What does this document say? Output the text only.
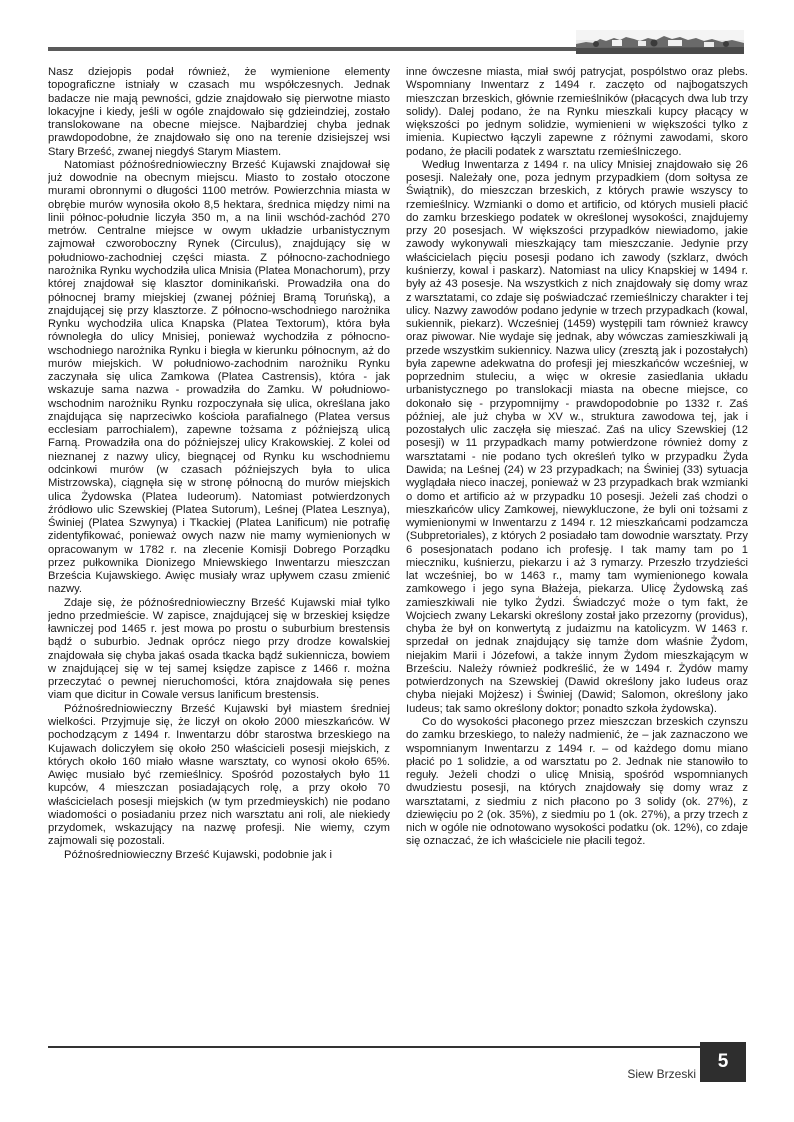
Nasz dziejopis podał również, że wymienione elementy topograficzne istniały w czasach mu współczesnych. Jednak badacze nie mają pewności, gdzie znajdowało się pierwotne miasto lokacyjne i kiedy, jeśli w ogóle znajdowało się gdzieindziej, zostało translokowane na obecne miejsce. Najbardziej chyba jednak prawdopodobne, że znajdowało się ono na terenie dzisiejszej wsi Stary Brześć, zwanej niegdyś Starym Miastem.

Natomiast późnośredniowieczny Brześć Kujawski znajdował się już dowodnie na obecnym miejscu. Miasto to zostało otoczone murami obronnymi o długości 1100 metrów. Powierzchnia miasta w obrębie murów wynosiła około 8,5 hektara, średnica między nimi na linii północ-południe liczyła 350 m, a na linii wschód-zachód 270 metrów. Centralne miejsce w owym układzie urbanistycznym zajmował czworoboczny Rynek (Circulus), znajdujący się w południowo-zachodniej części miasta. Z północno-zachodniego narożnika Rynku wychodziła ulica Mnisia (Platea Monachorum), przy której znajdował się klasztor dominikański. Prowadziła ona do północnej bramy miejskiej (zwanej później Bramą Toruńską), a znajdującej się przy klasztorze. Z północno-wschodniego narożnika Rynku wychodziła ulica Knapska (Platea Textorum), która była równoległa do ulicy Mnisiej, ponieważ wychodziła z północno-wschodniego narożnika Rynku i biegła w kierunku północnym, aż do murów miejskich. W południowo-zachodnim narożniku Rynku zaczynała się ulica Zamkowa (Platea Castrensis), która - jak wskazuje sama nazwa - prowadziła do Zamku. W południowo-wschodnim narożniku Rynku rozpoczynała się ulica, określana jako znajdująca się naprzeciwko kościoła parafialnego (Platea versus ecclesiam parrochialem), zapewne tożsama z późniejszą ulicą Farną. Prowadziła ona do późniejszej ulicy Krakowskiej. Z kolei od nieznanej z nazwy ulicy, biegnącej od Rynku ku wschodniemu odcinkowi murów (w czasach późniejszych była to ulica Mistrzowska), ciągnęła się w stronę północną do murów miejskich ulica Żydowska (Platea Iudeorum). Natomiast potwierdzonych źródłowo ulic Szewskiej (Platea Sutorum), Leśnej (Platea Lesznya), Świniej (Platea Szwynya) i Tkackiej (Platea Lanificum) nie potrafię zidentyfikować, ponieważ owych nazw nie mamy wymienionych w opracowanym w 1782 r. na zlecenie Komisji Dobrego Porządku przez pułkownika Dionizego Mniewskiego Inwentarzu mieszczan Brześcia Kujawskiego. Awięc musiały wraz upływem czasu zmienić nazwy.

Zdaje się, że późnośredniowieczny Brześć Kujawski miał tylko jedno przedmieście. W zapisce, znajdującej się w brzeskiej księdze ławniczej pod 1465 r. jest mowa po prostu o suburbium brestensis bądź o suburbio. Jednak oprócz niego przy drodze kowalskiej znajdowała się chyba jakaś osada tkacka bądź sukiennicza, bowiem w znajdującej się w tej samej księdze zapisce z 1466 r. można przeczytać o pewnej nieruchomości, która znajdowała się penes viam que dicitur in Cowale versus lanificum brestensis.

Późnośredniowieczny Brześć Kujawski był miastem średniej wielkości. Przyjmuje się, że liczył on około 2000 mieszkańców. W pochodzącym z 1494 r. Inwentarzu dóbr starostwa brzeskiego na Kujawach doliczyłem się około 250 właścicieli posesji miejskich, z których około 160 miało własne warsztaty, co wynosi około 65%. Awięc musiało być rzemieślnicy. Spośród pozostałych było 11 kupców, 4 mieszczan posiadających rolę, a przy około 70 właścicielach posesji miejskich (w tym przedmieyskich) nie podano wiadomości o posiadaniu przez nich warsztatu ani roli, ale niekiedy przydomek, wskazujący na nazwę profesji. Nie wiemy, czym zajmowali się pozostali.

Późnośredniowieczny Brześć Kujawski, podobnie jak i

inne ówczesne miasta, miał swój patrycjat, pospólstwo oraz plebs. Wspomniany Inwentarz z 1494 r. zaczęto od najbogatszych mieszczan brzeskich, głównie rzemieślników (płacących dwa lub trzy solidy). Dalej podano, że na Rynku mieszkali kupcy płacący w większości po jednym solidzie, wymienieni w większości tylko z imienia. Kupiectwo łączyli zapewne z różnymi zawodami, skoro podano, że płacili podatek z warsztatu rzemieślniczego.

Według Inwentarza z 1494 r. na ulicy Mnisiej znajdowało się 26 posesji. Należały one, poza jednym przypadkiem (dom sołtysa ze Świątnik), do mieszczan brzeskich, z których prawie wszyscy to rzemieślnicy. Wzmianki o domo et artificio, od których musieli płacić do zamku brzeskiego podatek w określonej wysokości, znajdujemy przy 20 posesjach. W większości przypadków niewiadomo, jakie zawody wykonywali mieszkający tam mieszczanie. Jedynie przy właścicielach pięciu posesji podano ich zawody (szklarz, dwóch kuśnierzy, kowal i paskarz). Natomiast na ulicy Knapskiej w 1494 r. były aż 43 posesje. Na wszystkich z nich znajdowały się domy wraz z warsztatami, co zdaje się poświadczać rzemieślniczy charakter i tej ulicy. Nazwy zawodów podano jedynie w trzech przypadkach (kowal, sukiennik, piekarz). Wcześniej (1459) występili tam również krawcy oraz piwowar. Nie wydaje się jednak, aby wówczas zamieszkiwali ją przede wszystkim sukiennicy. Nazwa ulicy (zresztą jak i pozostałych) była zapewne adekwatna do profesji jej mieszkańców wcześniej, w poprzednim stuleciu, a więc w okresie zasiedlania układu urbanistycznego po translokacji miasta na obecne miejsce, co dokonało się - przypomnijmy - prawdopodobnie po 1332 r. Zaś później, ale już chyba w XV w., struktura zawodowa tej, jak i pozostałych ulic zaczęła się mieszać. Zaś na ulicy Szewskiej (12 posesji) w 11 przypadkach mamy potwierdzone również domy z warsztatami - nie podano tych określeń tylko w przypadku Żyda Dawida; na Leśnej (24) w 23 przypadkach; na Świniej (33) sytuacja wyglądała nieco inaczej, ponieważ w 23 przypadkach brak wzmianki o domo et artificio aż w przypadku 10 posesji. Jeżeli zaś chodzi o mieszkańców ulicy Zamkowej, niewykluczone, że byli oni tożsami z wymienionymi w Inwentarzu z 1494 r. 12 mieszkańcami podzamcza (Subpretoriales), z których 2 posiadało tam dowodnie warsztaty. Przy 6 posesjonatach podano ich profesję. I tak mamy tam po 1 mieczniku, kuśnierzu, piekarzu i aż 3 rymarzy. Przeszło trzydzieści lat wcześniej, bo w 1463 r., mamy tam wymienionego kowala zamkowego i jego syna Błażeja, piekarza. Ulicę Żydowską zaś zamieszkiwali nie tylko Żydzi. Świadczyć może o tym fakt, że Wojciech zwany Lekarski określony został jako przezorny (providus), chyba że był on konwertytą z judaizmu na katolicyzm. W 1463 r. sprzedał on jednak znajdujący się tamże dom właśnie Żydom, niejakim Marii i Józefowi, a także innym Żydom mieszkającym w Brześciu. Należy również podkreślić, że w 1494 r. Żydów mamy potwierdzonych na Szewskiej (Dawid określony jako Iudeus oraz chyba niejaki Mojżesz) i Świniej (Dawid; Salomon, określony jako Iudeus; tak samo określony doktor; ponadto szkoła żydowska).

Co do wysokości płaconego przez mieszczan brzeskich czynszu do zamku brzeskiego, to należy nadmienić, że – jak zaznaczono we wspomnianym Inwentarzu z 1494 r. – od każdego domu miano płacić po 1 solidzie, a od warsztatu po 2. Jednak nie stanowiło to reguły. Jeżeli chodzi o ulicę Mnisią, spośród wspomnianych dwudziestu posesji, na których znajdowały się domy wraz z warsztatami, z siedmiu z nich płacono po 3 solidy (ok. 27%), z dziewięciu po 2 (ok. 35%), z siedmiu po 1 (ok. 27%), a przy trzech z nich w ogóle nie odnotowano wysokości podatku (ok. 12%), co zdaje się oznaczać, że ich właściciele nie płacili tegoż.

Siew Brzeski
5
